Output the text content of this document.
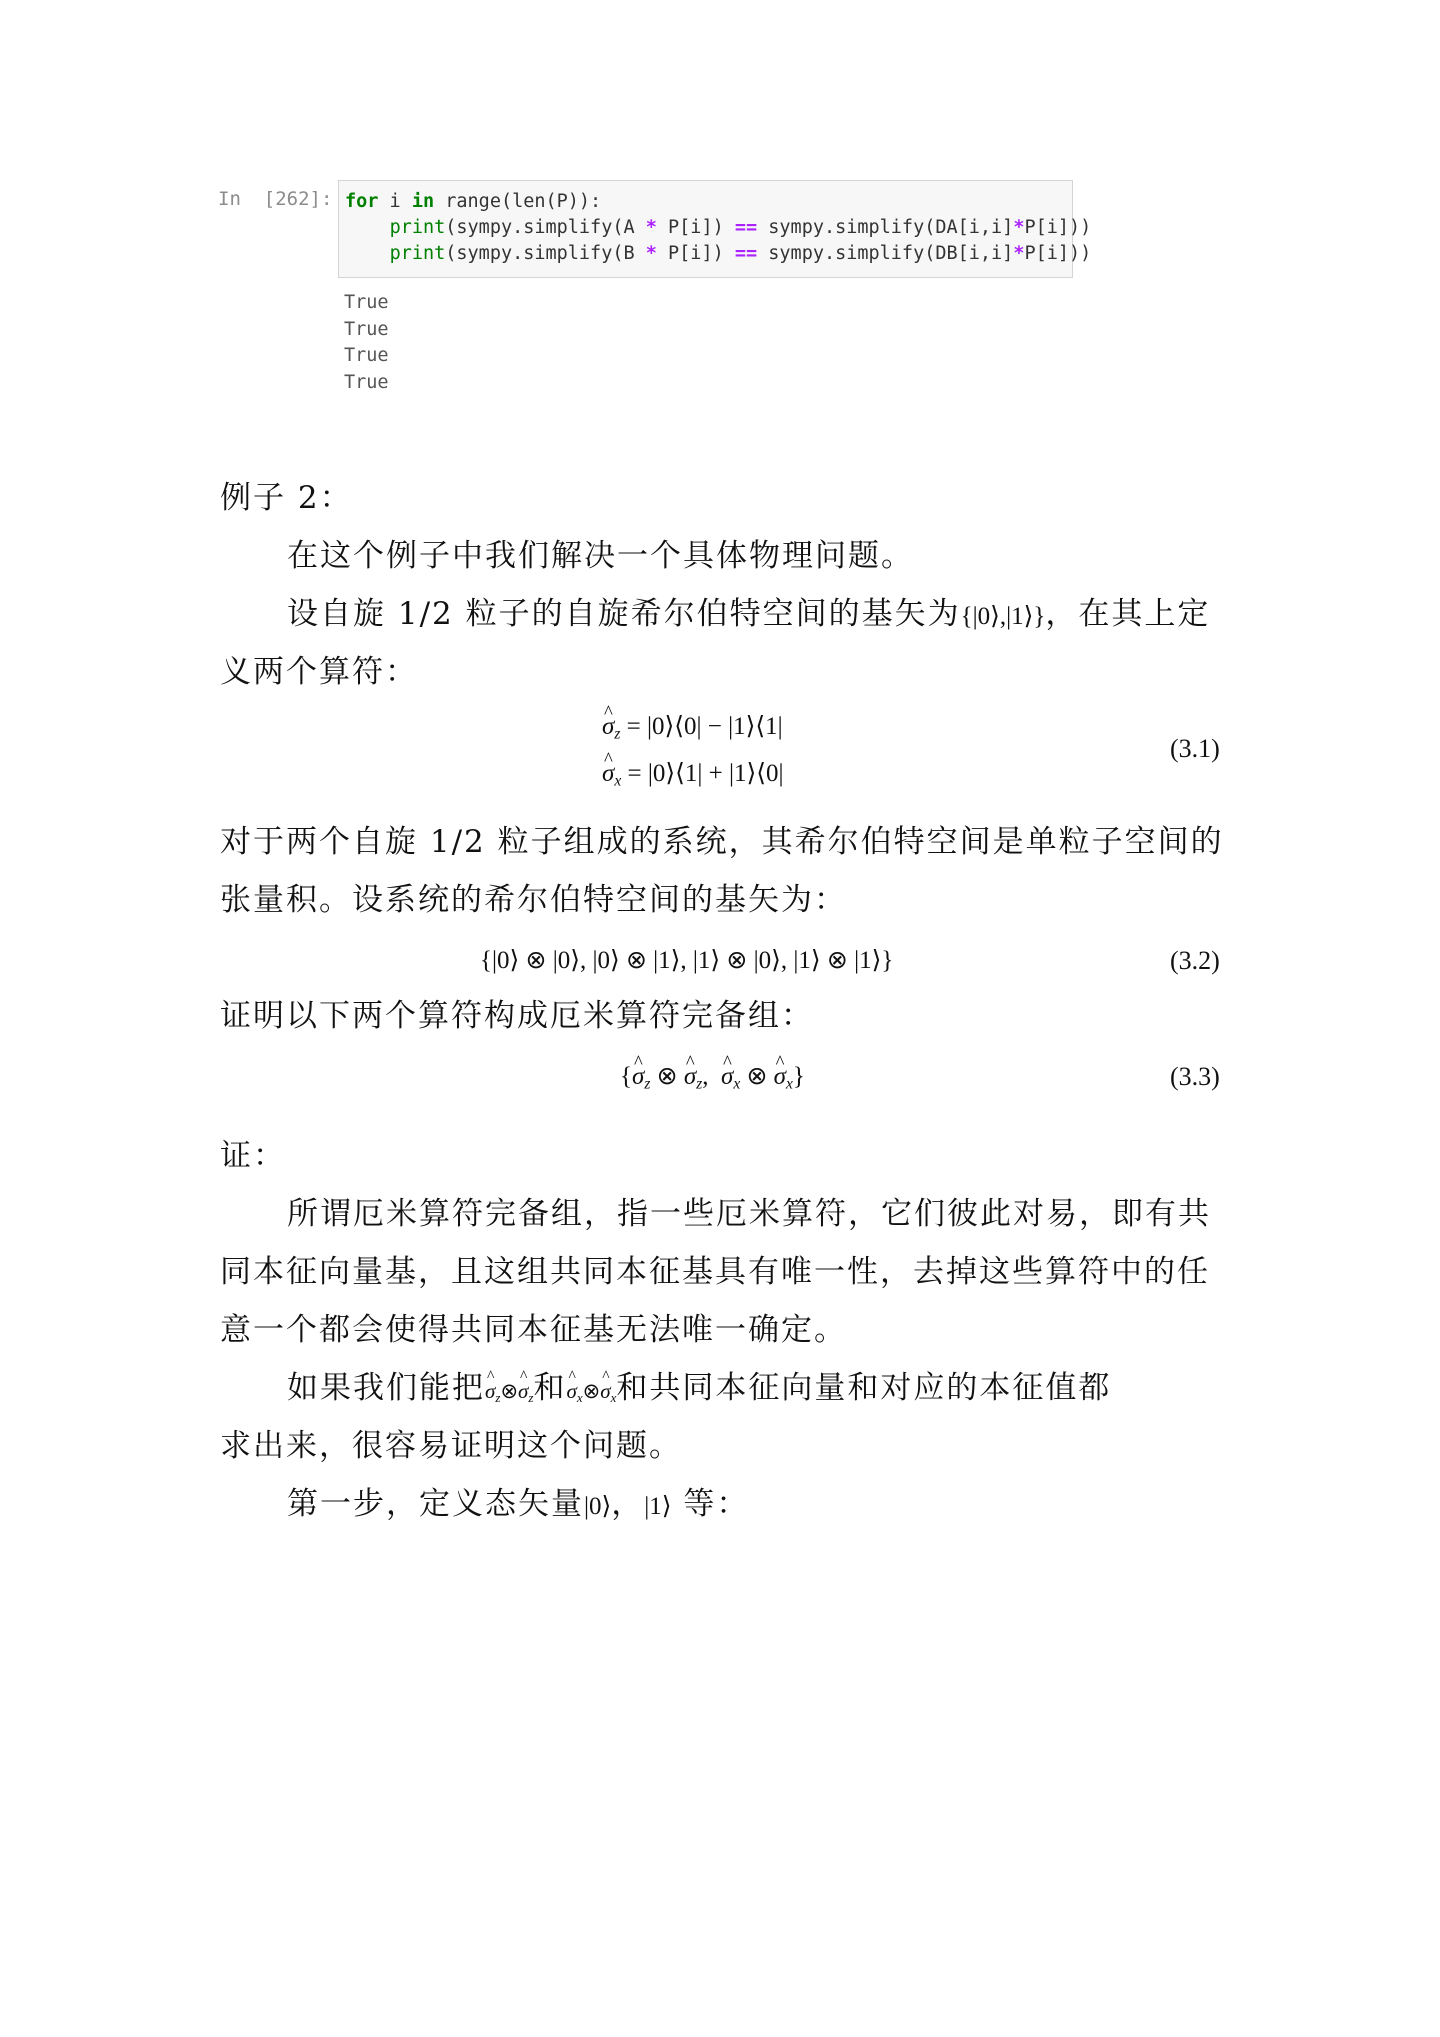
In  [262]: for i in range(len(P)):
print(sympy.simplify(A * P[i]) == sympy.simplify(DA[i,i]*P[i]))
print(sympy.simplify(B * P[i]) == sympy.simplify(DB[i,i]*P[i]))
True
True
True
True
例子 2：
在这个例子中我们解决一个具体物理问题。
设自旋 1/2 粒子的自旋希尔伯特空间的基矢为{|0⟩,|1⟩}，在其上定
义两个算符：
^ $\sigma_z$ = |0⟩⟨0| − |1⟩⟨1|
^ $\sigma_x$ = |0⟩⟨1| + |1⟩⟨0|
(3.1)
对于两个自旋 1/2 粒子组成的系统，其希尔伯特空间是单粒子空间的
张量积。设系统的希尔伯特空间的基矢为：
{|0⟩ ⊗ |0⟩, |0⟩ ⊗ |1⟩, |1⟩ ⊗ |0⟩, |1⟩ ⊗ |1⟩}	(3.2)
证明以下两个算符构成厄米算符完备组：
{^ $\sigma_z$ ⊗ ^ $\sigma_z$,  ^ $\sigma_x$ ⊗ ^ $\sigma_x$}	(3.3)
证：
所谓厄米算符完备组，指一些厄米算符，它们彼此对易，即有共
同本征向量基，且这组共同本征基具有唯一性，去掉这些算符中的任
意一个都会使得共同本征基无法唯一确定。
如果我们能把^ $\sigma_z\otimes\^{}$ $\sigma_z$和^ $\sigma_x\otimes\^{}$ $\sigma_x$和共同本征向量和对应的本征值都
求出来，很容易证明这个问题。
第一步，定义态矢量|0⟩，|1⟩ 等：
